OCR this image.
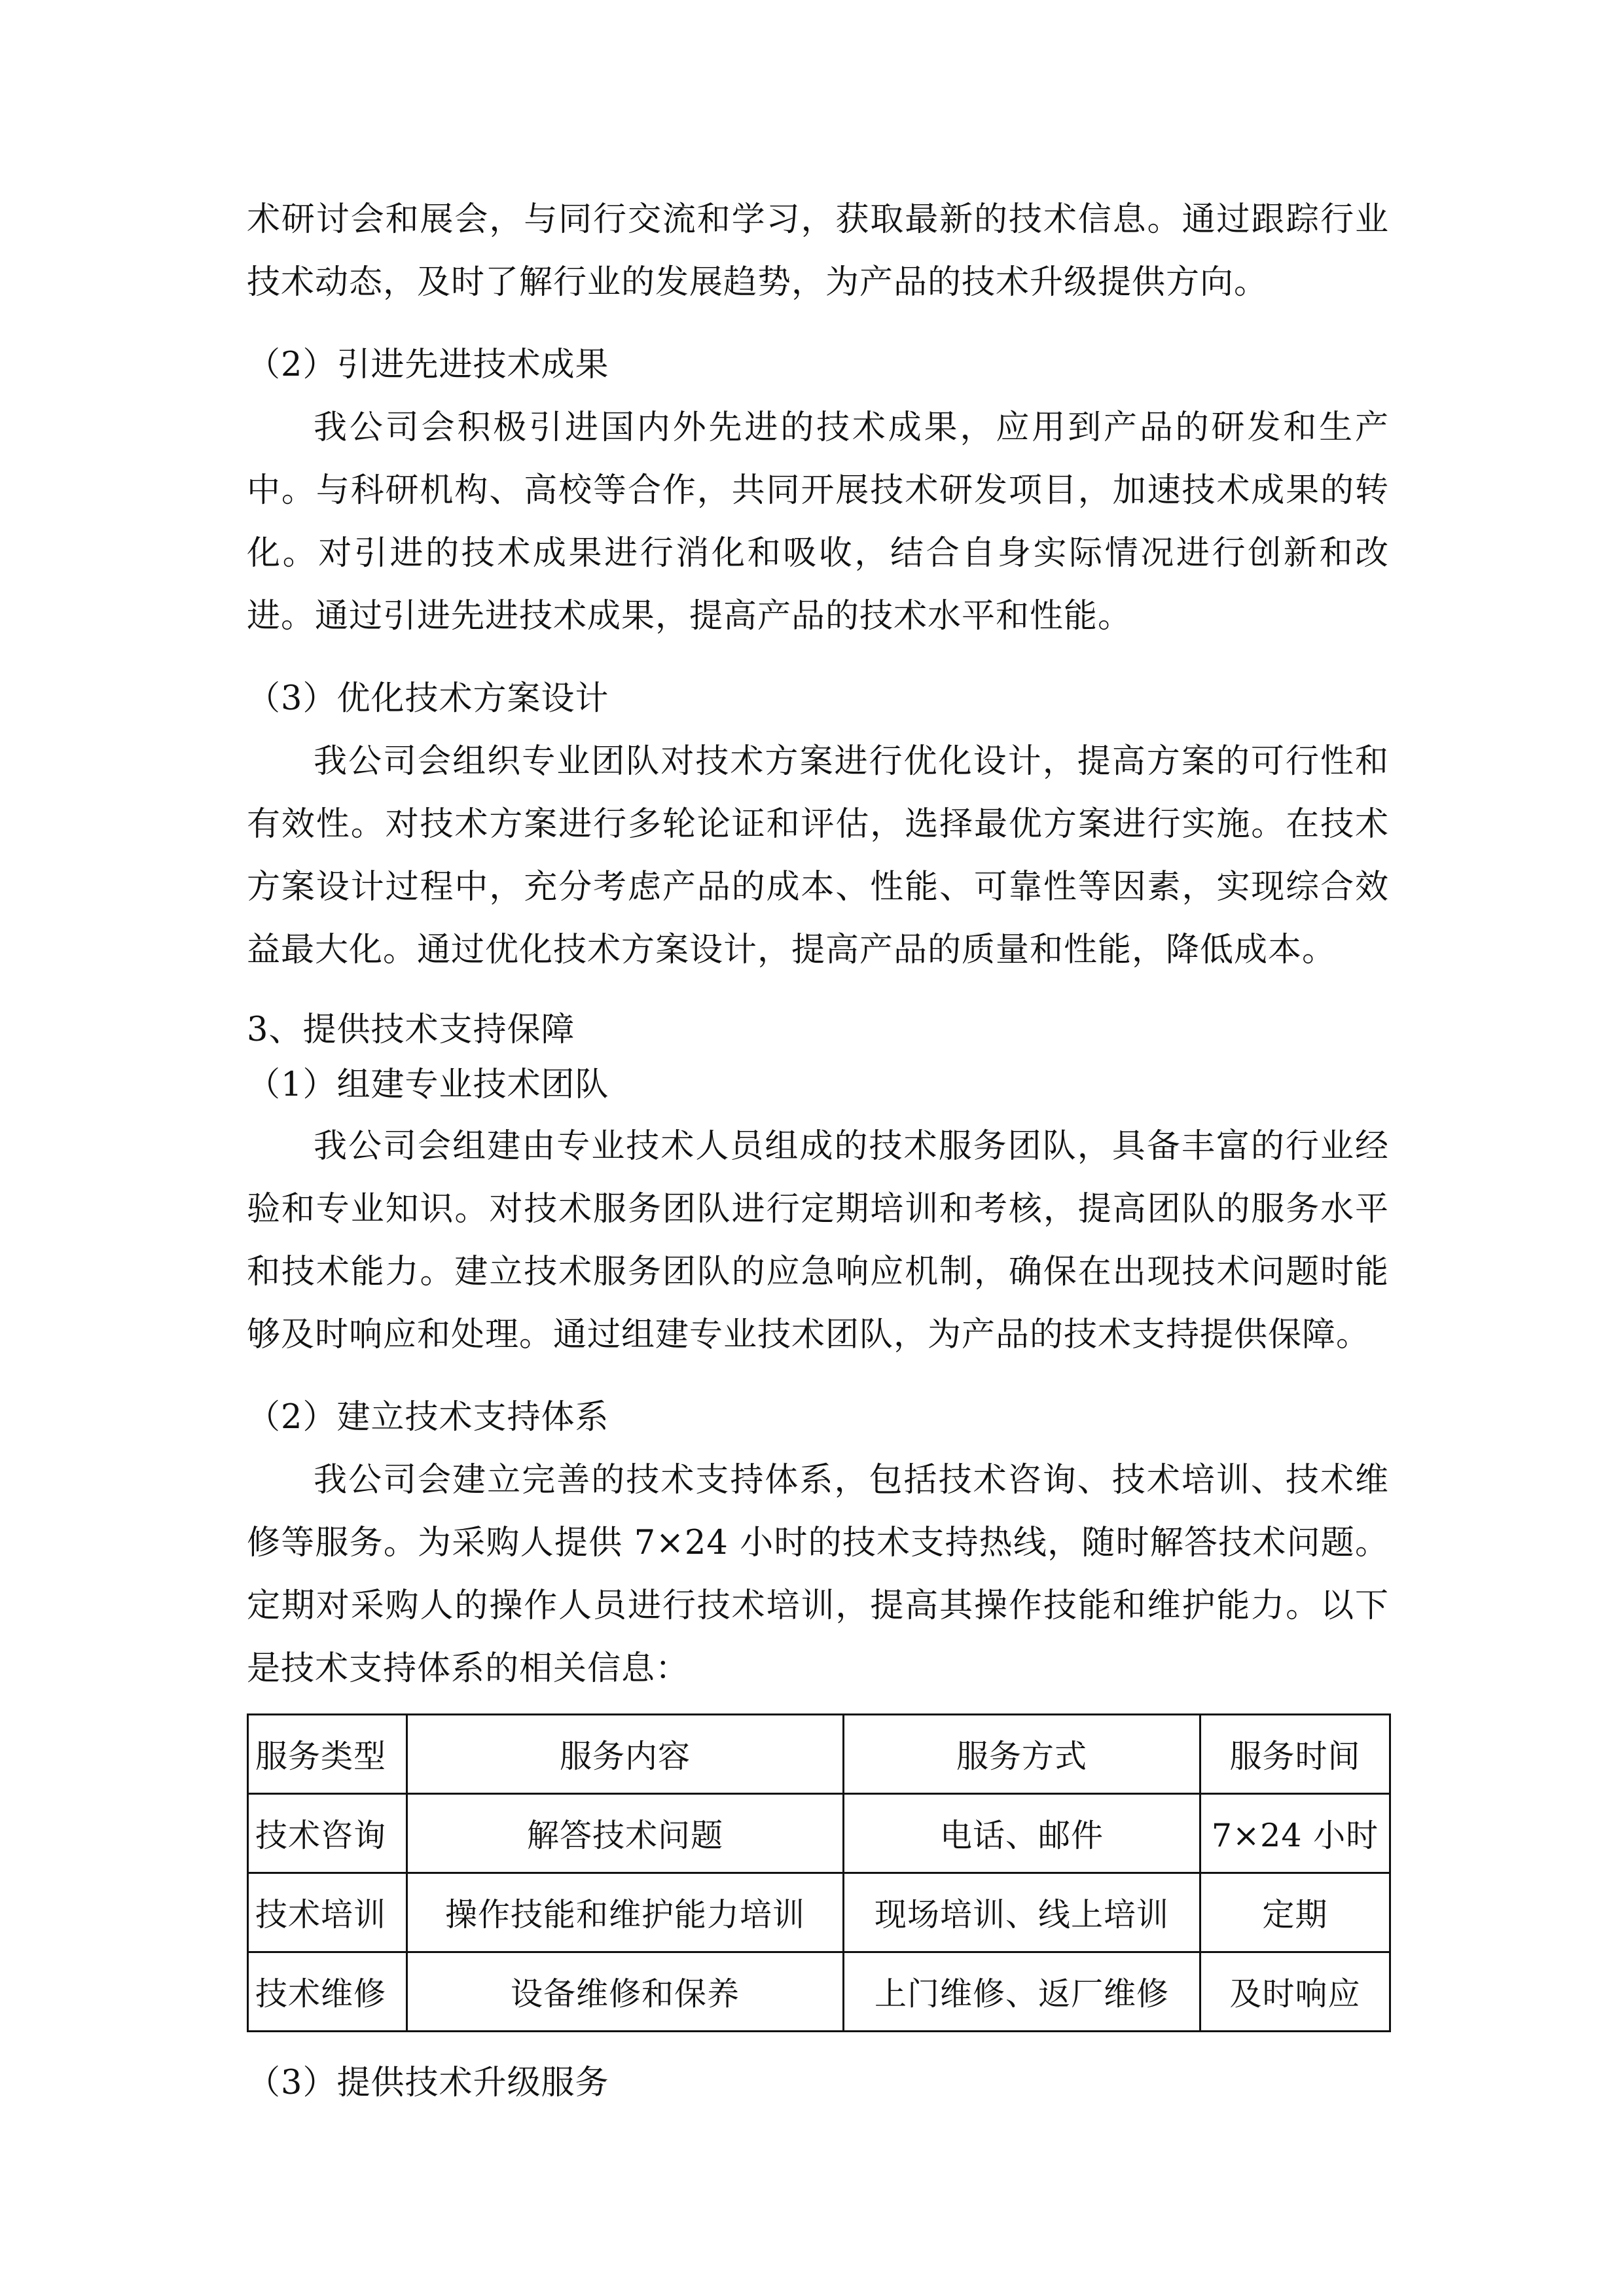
术研讨会和展会，与同行交流和学习，获取最新的技术信息。通过跟踪行业技术动态，及时了解行业的发展趋势，为产品的技术升级提供方向。

（2）引进先进技术成果

我公司会积极引进国内外先进的技术成果，应用到产品的研发和生产中。与科研机构、高校等合作，共同开展技术研发项目，加速技术成果的转化。对引进的技术成果进行消化和吸收，结合自身实际情况进行创新和改进。通过引进先进技术成果，提高产品的技术水平和性能。

（3）优化技术方案设计

我公司会组织专业团队对技术方案进行优化设计，提高方案的可行性和有效性。对技术方案进行多轮论证和评估，选择最优方案进行实施。在技术方案设计过程中，充分考虑产品的成本、性能、可靠性等因素，实现综合效益最大化。通过优化技术方案设计，提高产品的质量和性能，降低成本。

3、提供技术支持保障

（1）组建专业技术团队

我公司会组建由专业技术人员组成的技术服务团队，具备丰富的行业经验和专业知识。对技术服务团队进行定期培训和考核，提高团队的服务水平和技术能力。建立技术服务团队的应急响应机制，确保在出现技术问题时能够及时响应和处理。通过组建专业技术团队，为产品的技术支持提供保障。

（2）建立技术支持体系

我公司会建立完善的技术支持体系，包括技术咨询、技术培训、技术维修等服务。为采购人提供 7×24 小时的技术支持热线，随时解答技术问题。定期对采购人的操作人员进行技术培训，提高其操作技能和维护能力。以下是技术支持体系的相关信息：

服务类型	服务内容	服务方式	服务时间
技术咨询	解答技术问题	电话、邮件	7×24 小时
技术培训	操作技能和维护能力培训	现场培训、线上培训	定期
技术维修	设备维修和保养	上门维修、返厂维修	及时响应

（3）提供技术升级服务
